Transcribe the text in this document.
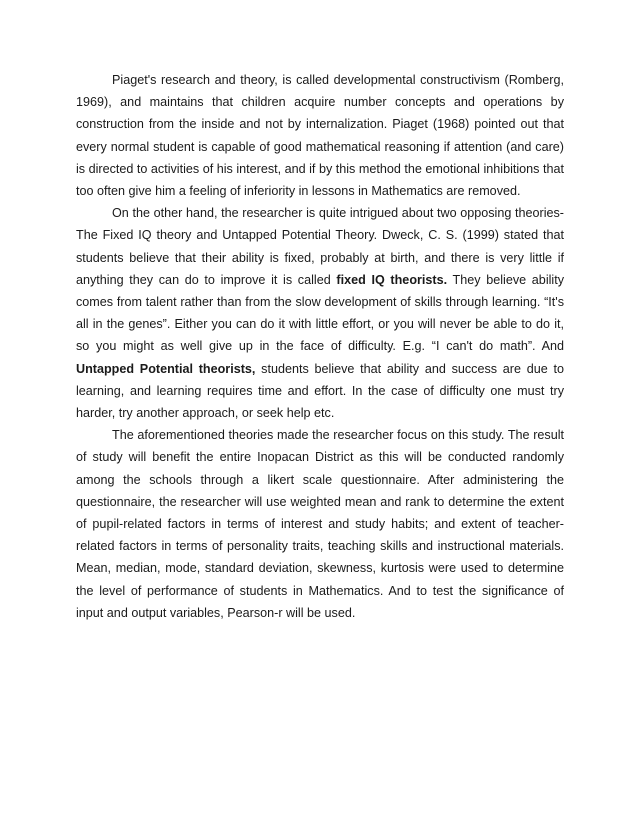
Piaget's research and theory, is called developmental constructivism (Romberg, 1969), and maintains that children acquire number concepts and operations by construction from the inside and not by internalization. Piaget (1968) pointed out that every normal student is capable of good mathematical reasoning if attention (and care) is directed to activities of his interest, and if by this method the emotional inhibitions that too often give him a feeling of inferiority in lessons in Mathematics are removed.

On the other hand, the researcher is quite intrigued about two opposing theories-The Fixed IQ theory and Untapped Potential Theory. Dweck, C. S. (1999) stated that students believe that their ability is fixed, probably at birth, and there is very little if anything they can do to improve it is called fixed IQ theorists. They believe ability comes from talent rather than from the slow development of skills through learning. “It's all in the genes”. Either you can do it with little effort, or you will never be able to do it, so you might as well give up in the face of difficulty. E.g. “I can't do math”. And Untapped Potential theorists, students believe that ability and success are due to learning, and learning requires time and effort. In the case of difficulty one must try harder, try another approach, or seek help etc.

The aforementioned theories made the researcher focus on this study. The result of study will benefit the entire Inopacan District as this will be conducted randomly among the schools through a likert scale questionnaire. After administering the questionnaire, the researcher will use weighted mean and rank to determine the extent of pupil-related factors in terms of interest and study habits; and extent of teacher-related factors in terms of personality traits, teaching skills and instructional materials. Mean, median, mode, standard deviation, skewness, kurtosis were used to determine the level of performance of students in Mathematics. And to test the significance of input and output variables, Pearson-r will be used.
